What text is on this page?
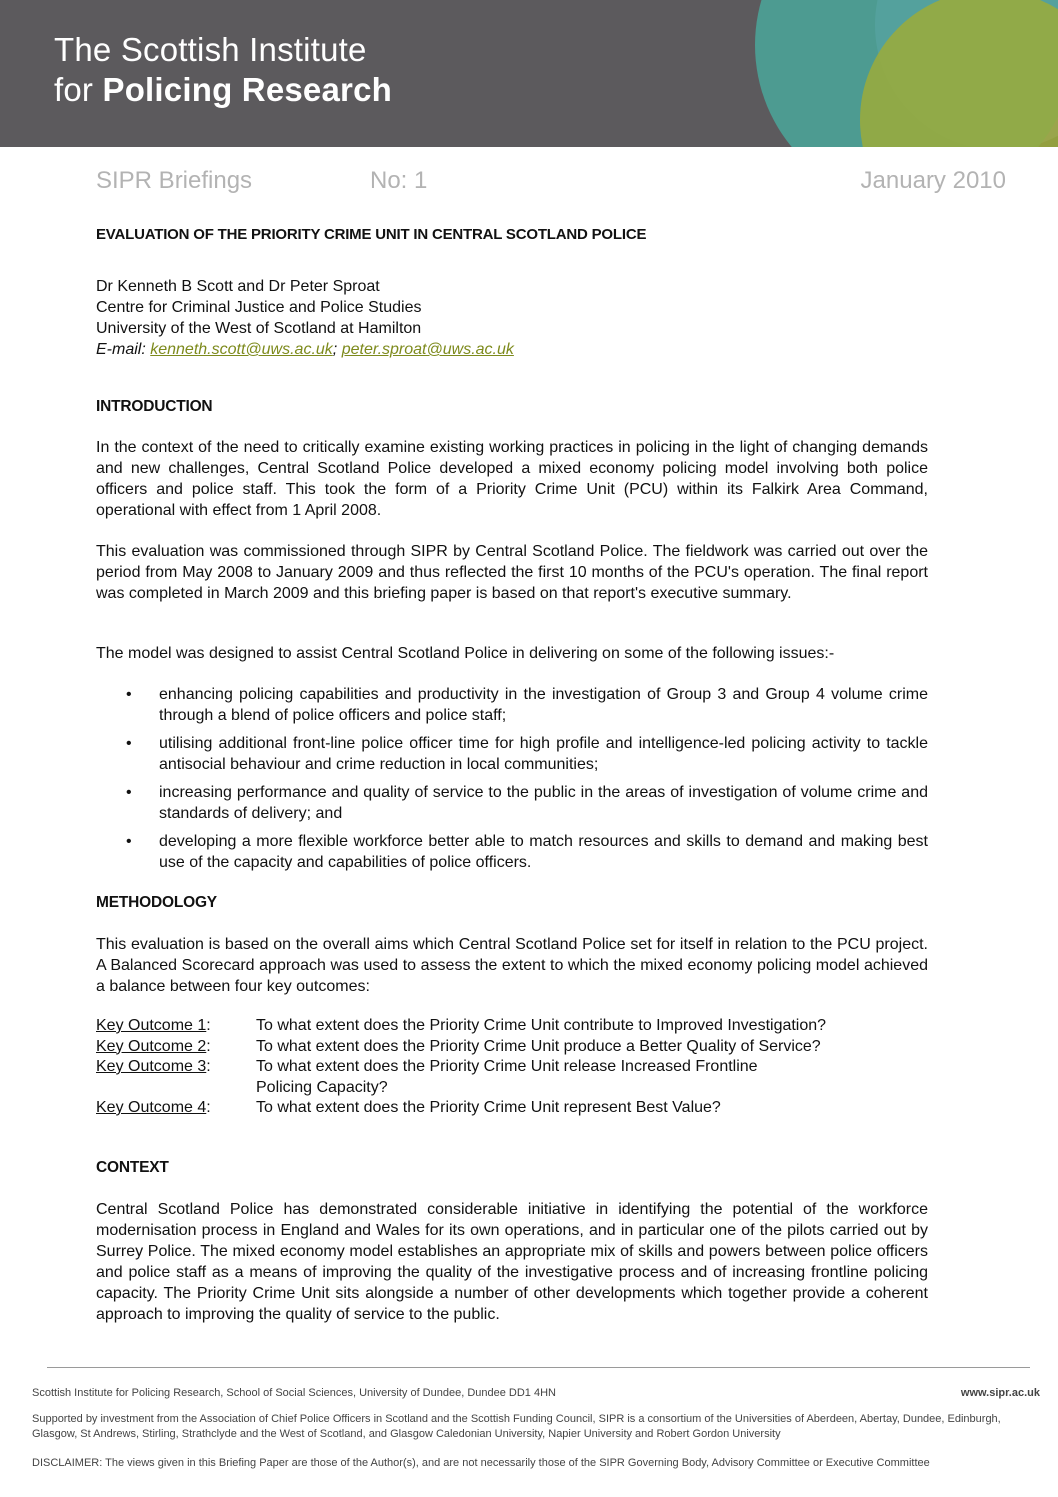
The Scottish Institute
for Policing Research
SIPR Briefings	No: 1	January 2010
EVALUATION OF THE PRIORITY CRIME UNIT IN CENTRAL SCOTLAND POLICE
Dr Kenneth B Scott and Dr Peter Sproat
Centre for Criminal Justice and Police Studies
University of the West of Scotland at Hamilton
E-mail: kenneth.scott@uws.ac.uk; peter.sproat@uws.ac.uk
INTRODUCTION
In the context of the need to critically examine existing working practices in policing in the light of changing demands and new challenges, Central Scotland Police developed a mixed economy policing model involving both police officers and police staff. This took the form of a Priority Crime Unit (PCU) within its Falkirk Area Command, operational with effect from 1 April 2008.
This evaluation was commissioned through SIPR by Central Scotland Police. The fieldwork was carried out over the period from May 2008 to January 2009 and thus reflected the first 10 months of the PCU's operation. The final report was completed in March 2009 and this briefing paper is based on that report's executive summary.
The model was designed to assist Central Scotland Police in delivering on some of the following issues:-
• enhancing policing capabilities and productivity in the investigation of Group 3 and Group 4 volume crime through a blend of police officers and police staff;
• utilising additional front-line police officer time for high profile and intelligence-led policing activity to tackle antisocial behaviour and crime reduction in local communities;
• increasing performance and quality of service to the public in the areas of investigation of volume crime and standards of delivery; and
• developing a more flexible workforce better able to match resources and skills to demand and making best use of the capacity and capabilities of police officers.
METHODOLOGY
This evaluation is based on the overall aims which Central Scotland Police set for itself in relation to the PCU project. A Balanced Scorecard approach was used to assess the extent to which the mixed economy policing model achieved a balance between four key outcomes:
Key Outcome 1:	To what extent does the Priority Crime Unit contribute to Improved Investigation?
Key Outcome 2:	To what extent does the Priority Crime Unit produce a Better Quality of Service?
Key Outcome 3:	To what extent does the Priority Crime Unit release Increased Frontline
Policing Capacity?
Key Outcome 4:	To what extent does the Priority Crime Unit represent Best Value?
CONTEXT
Central Scotland Police has demonstrated considerable initiative in identifying the potential of the workforce modernisation process in England and Wales for its own operations, and in particular one of the pilots carried out by Surrey Police. The mixed economy model establishes an appropriate mix of skills and powers between police officers and police staff as a means of improving the quality of the investigative process and of increasing frontline policing capacity. The Priority Crime Unit sits alongside a number of other developments which together provide a coherent approach to improving the quality of service to the public.
Scottish Institute for Policing Research, School of Social Sciences, University of Dundee, Dundee DD1 4HN	www.sipr.ac.uk
Supported by investment from the Association of Chief Police Officers in Scotland and the Scottish Funding Council, SIPR is a consortium of the Universities of Aberdeen, Abertay, Dundee, Edinburgh, Glasgow, St Andrews, Stirling, Strathclyde and the West of Scotland, and Glasgow Caledonian University, Napier University and Robert Gordon University
DISCLAIMER: The views given in this Briefing Paper are those of the Author(s), and are not necessarily those of the SIPR Governing Body, Advisory Committee or Executive Committee
